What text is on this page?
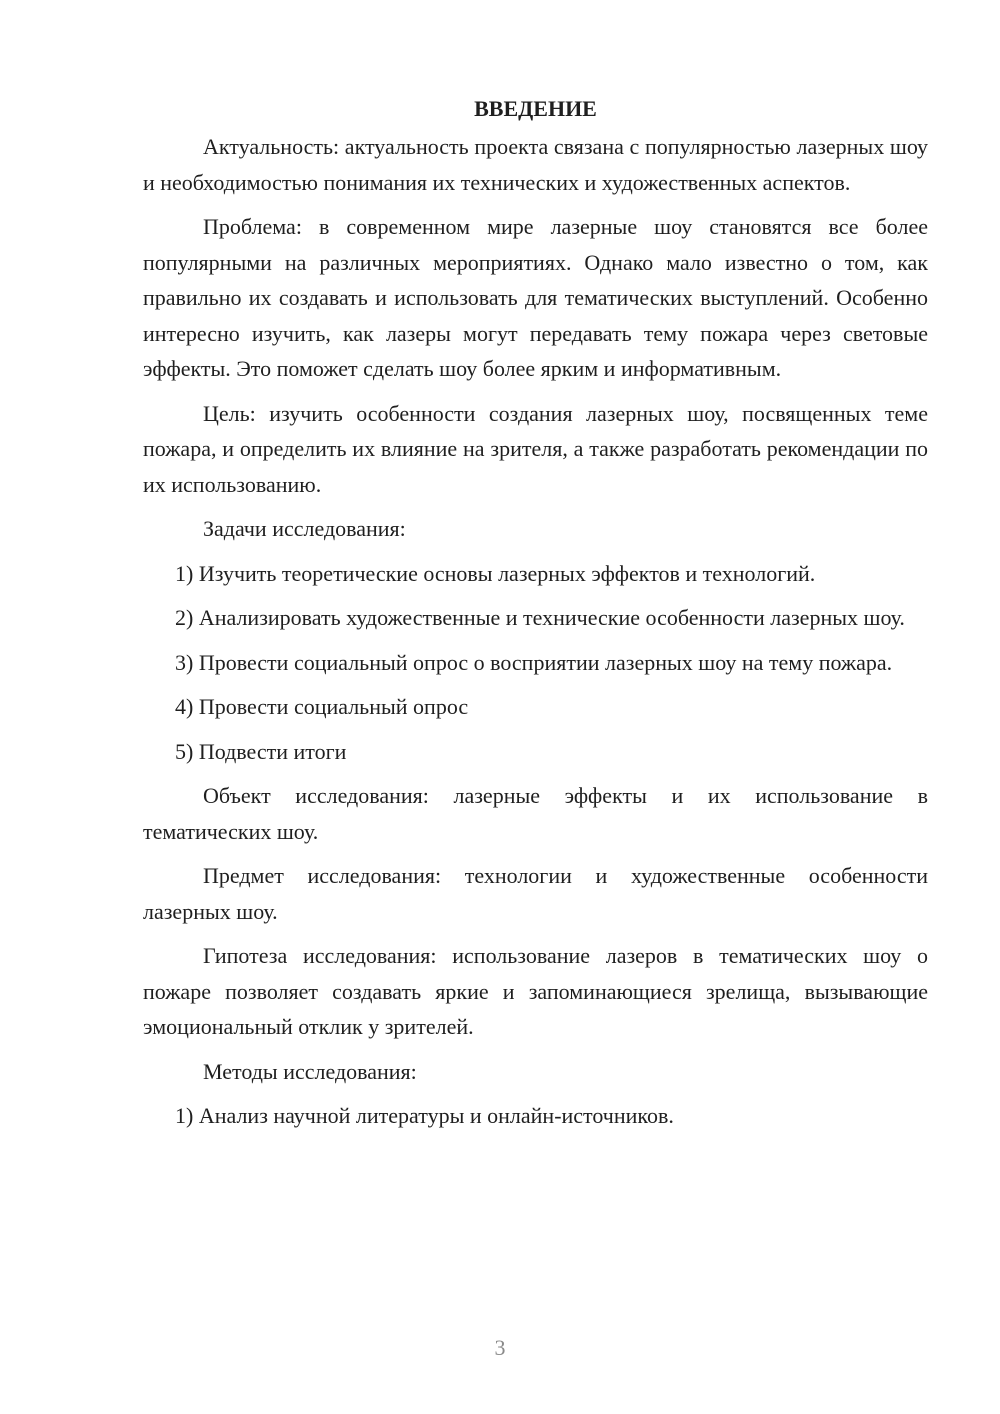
ВВЕДЕНИЕ

Актуальность: актуальность проекта связана с популярностью лазерных шоу и необходимостью понимания их технических и художественных аспектов.

Проблема: в современном мире лазерные шоу становятся все более популярными на различных мероприятиях. Однако мало известно о том, как правильно их создавать и использовать для тематических выступлений. Особенно интересно изучить, как лазеры могут передавать тему пожара через световые эффекты. Это поможет сделать шоу более ярким и информативным.

Цель: изучить особенности создания лазерных шоу, посвященных теме пожара, и определить их влияние на зрителя, а также разработать рекомендации по их использованию.

Задачи исследования:

1) Изучить теоретические основы лазерных эффектов и технологий.

2) Анализировать художественные и технические особенности лазерных шоу.

3) Провести социальный опрос о восприятии лазерных шоу на тему пожара.

4) Провести социальный опрос

5) Подвести итоги

Объект исследования: лазерные эффекты и их использование в тематических шоу.

Предмет исследования: технологии и художественные особенности лазерных шоу.

Гипотеза исследования: использование лазеров в тематических шоу о пожаре позволяет создавать яркие и запоминающиеся зрелища, вызывающие эмоциональный отклик у зрителей.

Методы исследования:

1) Анализ научной литературы и онлайн-источников.

3
